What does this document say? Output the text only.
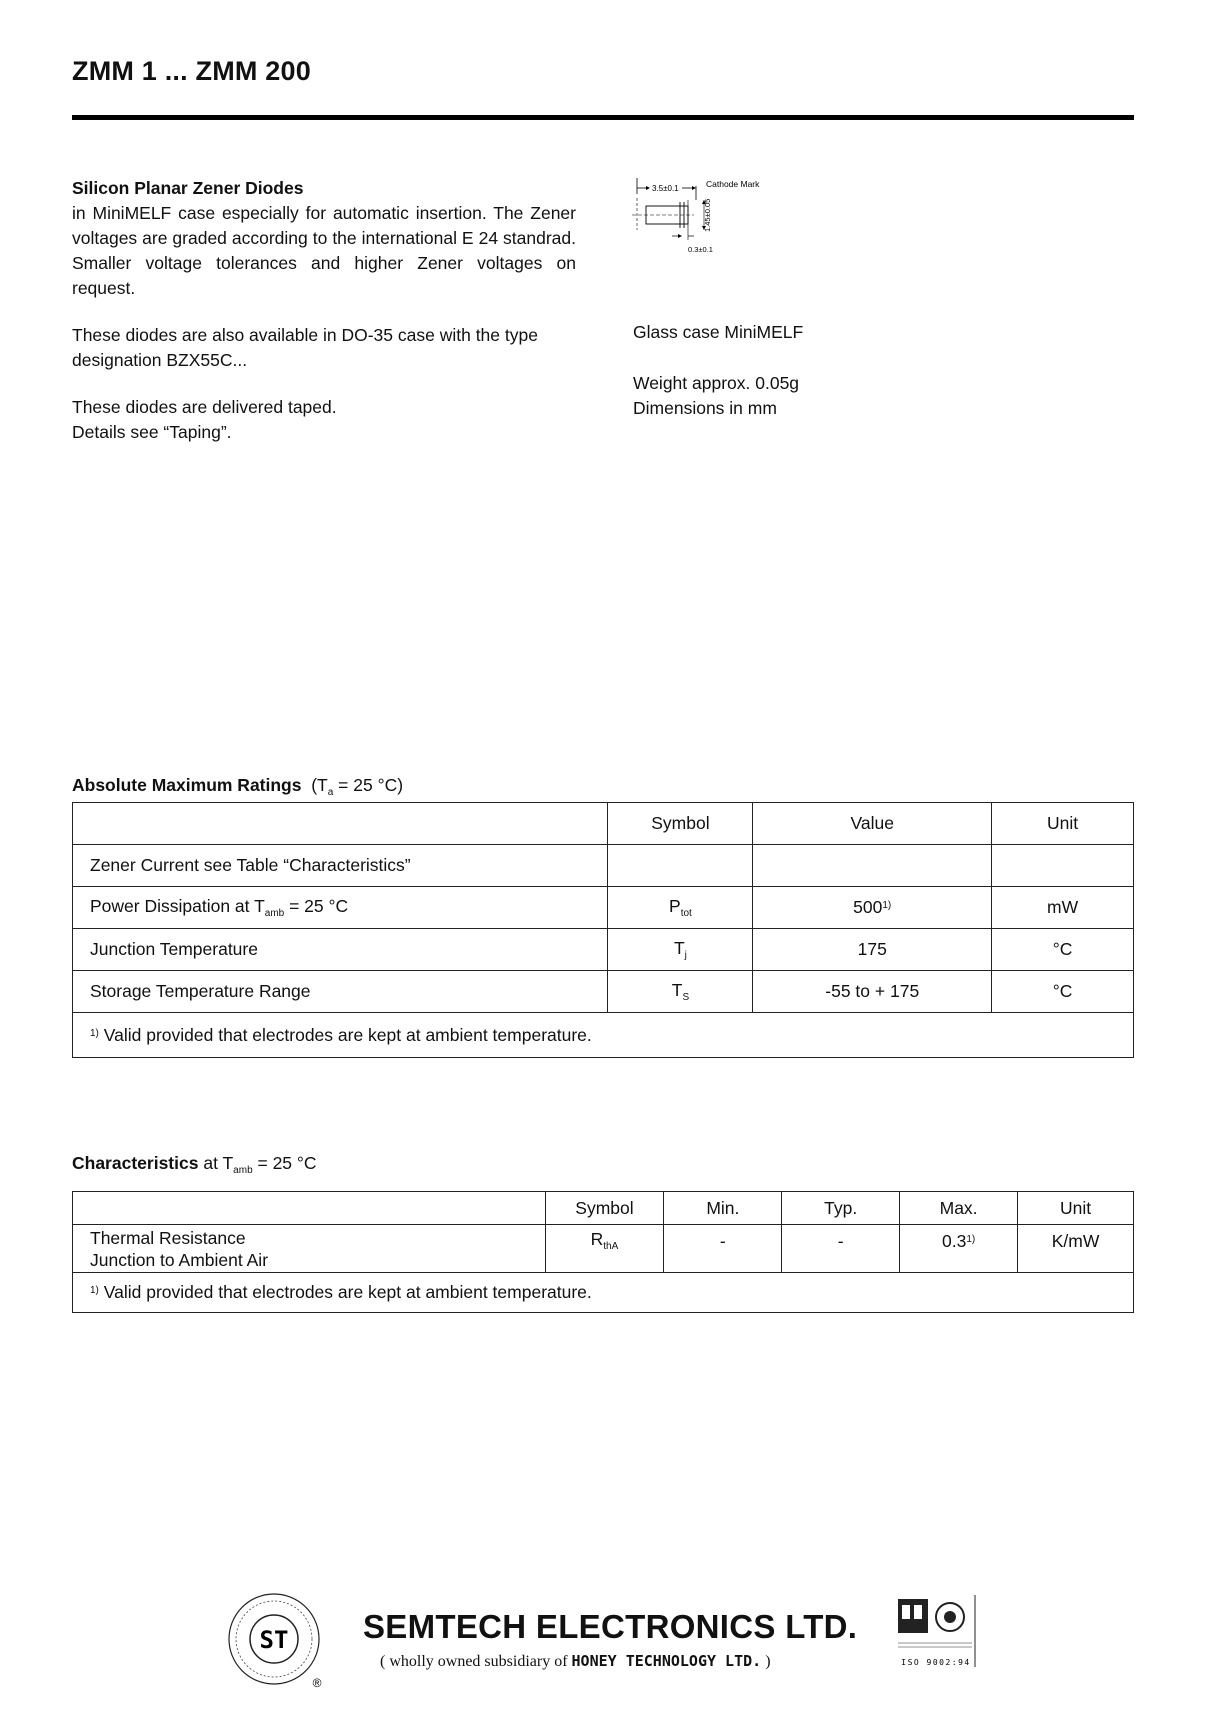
ZMM 1 ... ZMM 200

Silicon Planar Zener Diodes

in MiniMELF case especially for automatic insertion. The Zener voltages are graded according to the international E 24 standrad. Smaller voltage tolerances and higher Zener voltages on request.

These diodes are also available in DO-35 case with the type designation BZX55C...

These diodes are delivered taped.

Details see “Taping”.

3.5±0.1	Cathode Mark
1.45±0.05
0.3±0.1
Glass case MiniMELF
Weight approx. 0.05g
Dimensions in mm
Absolute Maximum Ratings ($T_a = 25$ °C)
	Symbol	Value	Unit
Zener Current see Table “Characteristics”			
Power Dissipation at $T_{amb} = 25$ °C	$P_{tot}$	500$^{1)}$	mW
Junction Temperature	$T_j$	175	°C
Storage Temperature Range	$T_S$	-55 to + 175	°C
$^{1)}$ Valid provided that electrodes are kept at ambient temperature.			
Characteristics at $T_{amb} = 25$ °C
	Symbol	Min.	Typ.	Max.	Unit

Thermal Resistance
Junction to Ambient Air	$R_{thA}$	-	-	0.3$^{1)}$	K/mW
$^{1)}$ Valid provided that electrodes are kept at ambient temperature.					
ST
®
SEMTECH ELECTRONICS LTD.
( wholly owned subsidiary of HONEY TECHNOLOGY LTD. )	ISO 9002:94
